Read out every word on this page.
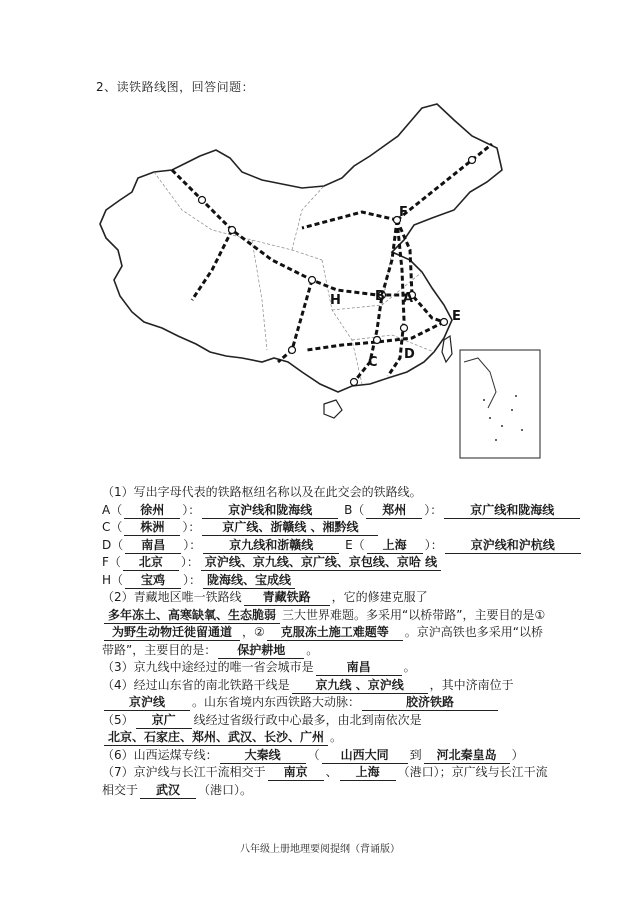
2、读铁路线图，回答问题：
F
H	B A
E
C
D
（1）写出字母代表的铁路枢纽名称以及在此交会的铁路线。
A（ 徐州 ）： 京沪线和陇海线	B（ 郑州 ）： 京广线和陇海线
C（ 株洲 ）： 京广线、浙赣线 、湘黔线
D（ 南昌 ）： 京九线和浙赣线	E（ 上海 ）： 京沪线和沪杭线
F（ 北京 ）： 京沪线、京九线、京广线、京包线、京哈 线
H（ 宝鸡 ）： 陇海线、宝成线
（2）青藏地区唯一铁路线 青藏铁路 ，它的修建克服了多年冻土、高寒缺氧、生态脆弱 三大世界难题。多采用“以桥带路”，主要目的是①为野生动物迁徙留通道 ，② 克服冻土施工难题等 。京沪高铁也多采用“以桥带路”，主要目的是： 保护耕地 。
（3）京九线中途经过的唯一省会城市是	南昌	。
（4）经过山东省的南北铁路干线是 京九线 、京沪线 ，其中济南位于京沪线 。山东省境内东西铁路大动脉：	胶济铁路
（5） 京广 线经过省级行政中心最多，由北到南依次是北京、石家庄、郑州、武汉、长沙、广州 。
（6）山西运煤专线： 大秦线 （ 山西大同 到 河北秦皇岛 ）
（7）京沪线与长江干流相交于 南京 、 上海 （港口）；京广线与长江干流相交于 武汉 （港口）。
八年级上册地理要阅提纲（背诵版）
